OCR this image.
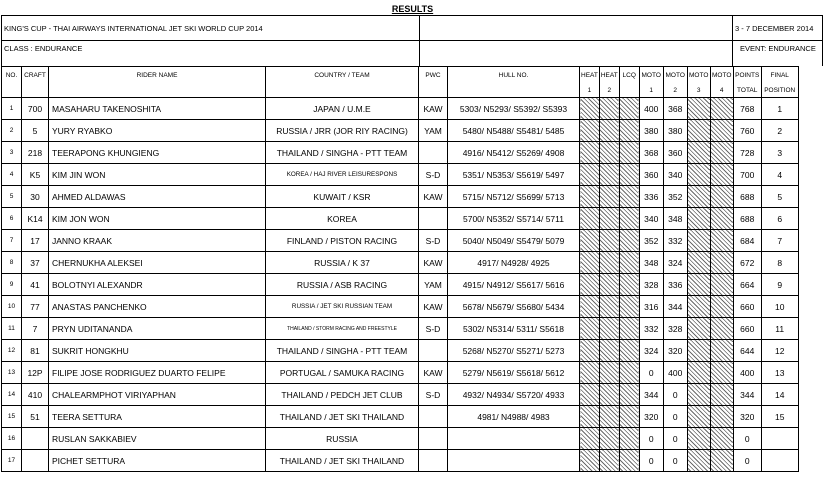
RESULTS
KING'S CUP - THAI AIRWAYS INTERNATIONAL JET SKI WORLD CUP 2014	3 - 7 DECEMBER 2014
CLASS : ENDURANCE	EVENT: ENDURANCE
NO.	CRAFT	RIDER NAME	COUNTRY / TEAM	PWC	HULL NO.	HEAT	HEAT	LCQ	MOTO	MOTO	MOTO	MOTO	POINTS	FINAL
						1	2		1	2	3	4	TOTAL	POSITION
1	700	MASAHARU TAKENOSHITA	JAPAN / U.M.E	KAW	5303/ N5293/ S5392/ S5393				400	368			768	1
2	5	YURY RYABKO	RUSSIA / JRR (JOR RIY RACING)	YAM	5480/ N5488/ S5481/ 5485				380	380			760	2
3	218	TEERAPONG KHUNGIENG	THAILAND / SINGHA - PTT TEAM		4916/ N5412/ S5269/ 4908				368	360			728	3
4	K5	KIM JIN WON	KOREA / HAJ RIVER LEISURESPONS	S-D	5351/ N5353/ S5619/ 5497				360	340			700	4
5	30	AHMED ALDAWAS	KUWAIT / KSR	KAW	5715/ N5712/ S5699/ 5713				336	352			688	5
6	K14	KIM JON WON	KOREA		5700/ N5352/ S5714/ 5711				340	348			688	6
7	17	JANNO KRAAK	FINLAND / PISTON RACING	S-D	5040/ N5049/ S5479/ 5079				352	332			684	7
8	37	CHERNUKHA ALEKSEI	RUSSIA / K 37	KAW	4917/ N4928/ 4925				348	324			672	8
9	41	BOLOTNYI ALEXANDR	RUSSIA / ASB RACING	YAM	4915/ N4912/ S5617/ 5616				328	336			664	9
10	77	ANASTAS PANCHENKO	RUSSIA / JET SKI RUSSIAN TEAM	KAW	5678/ N5679/ S5680/ 5434				316	344			660	10
11	7	PRYN UDITANANDA	THAILAND / STORM RACING AND FREESTYLE	S-D	5302/ N5314/ 5311/ S5618				332	328			660	11
12	81	SUKRIT HONGKHU	THAILAND / SINGHA - PTT TEAM		5268/ N5270/ S5271/ 5273				324	320			644	12
13	12P	FILIPE JOSE RODRIGUEZ DUARTO FELIPE	PORTUGAL / SAMUKA RACING	KAW	5279/ N5619/ S5618/ 5612				0	400			400	13
14	410	CHALEARMPHOT VIRIYAPHAN	THAILAND / PEDCH JET CLUB	S-D	4932/ N4934/ S5720/ 4933				344	0			344	14
15	51	TEERA SETTURA	THAILAND / JET SKI THAILAND		4981/ N4988/ 4983				320	0			320	15
16		RUSLAN SAKKABIEV	RUSSIA						0	0			0	
17		PICHET SETTURA	THAILAND / JET SKI THAILAND						0	0			0	
